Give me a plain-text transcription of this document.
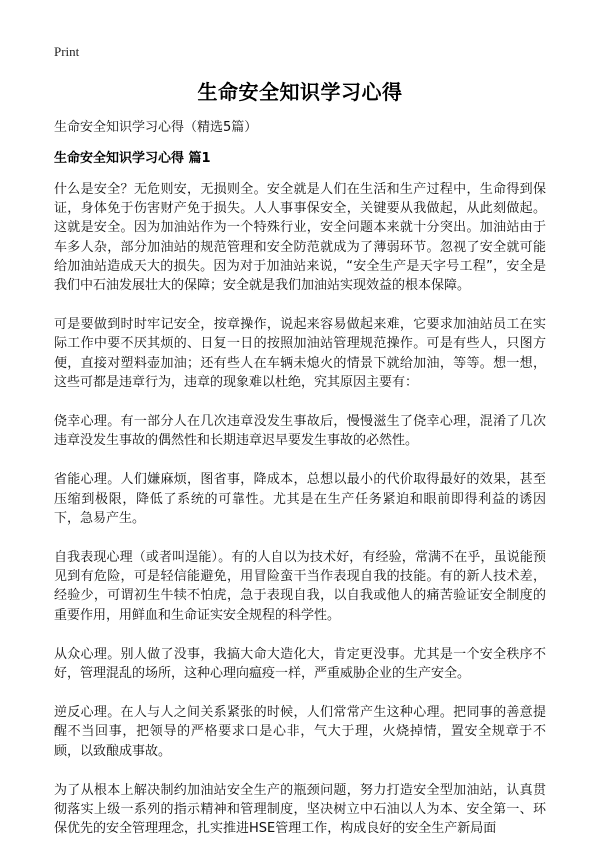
Print
生命安全知识学习心得
生命安全知识学习心得（精选5篇）
生命安全知识学习心得 篇1

什么是安全？无危则安，无损则全。安全就是人们在生活和生产过程中，生命得到保证，身体免于伤害财产免于损失。人人事事保安全，关键要从我做起，从此刻做起。这就是安全。因为加油站作为一个特殊行业，安全问题本来就十分突出。加油站由于车多人杂，部分加油站的规范管理和安全防范就成为了薄弱环节。忽视了安全就可能给加油站造成天大的损失。因为对于加油站来说，“安全生产是天字号工程”，安全是我们中石油发展壮大的保障；安全就是我们加油站实现效益的根本保障。

可是要做到时时牢记安全，按章操作，说起来容易做起来难，它要求加油站员工在实际工作中要不厌其烦的、日复一日的按照加油站管理规范操作。可是有些人，只图方便，直接对塑料壶加油；还有些人在车辆未熄火的情景下就给加油，等等。想一想，这些可都是违章行为，违章的现象难以杜绝，究其原因主要有：

侥幸心理。有一部分人在几次违章没发生事故后，慢慢滋生了侥幸心理，混淆了几次违章没发生事故的偶然性和长期违章迟早要发生事故的必然性。

省能心理。人们嫌麻烦，图省事，降成本，总想以最小的代价取得最好的效果，甚至压缩到极限，降低了系统的可靠性。尤其是在生产任务紧迫和眼前即得利益的诱因下，急易产生。

自我表现心理（或者叫逞能）。有的人自以为技术好，有经验，常满不在乎，虽说能预见到有危险，可是轻信能避免，用冒险蛮干当作表现自我的技能。有的新人技术差，经验少，可谓初生牛犊不怕虎，急于表现自我，以自我或他人的痛苦验证安全制度的重要作用，用鲜血和生命证实安全规程的科学性。

从众心理。别人做了没事，我搞大命大造化大，肯定更没事。尤其是一个安全秩序不好，管理混乱的场所，这种心理向瘟疫一样，严重威胁企业的生产安全。

逆反心理。在人与人之间关系紧张的时候，人们常常产生这种心理。把同事的善意提醒不当回事，把领导的严格要求口是心非，气大于理，火烧掉情，置安全规章于不顾，以致酿成事故。

为了从根本上解决制约加油站安全生产的瓶颈问题，努力打造安全型加油站，认真贯彻落实上级一系列的指示精神和管理制度，坚决树立中石油以人为本、安全第一、环保优先的安全管理理念，扎实推进HSE管理工作，构成良好的安全生产新局面
